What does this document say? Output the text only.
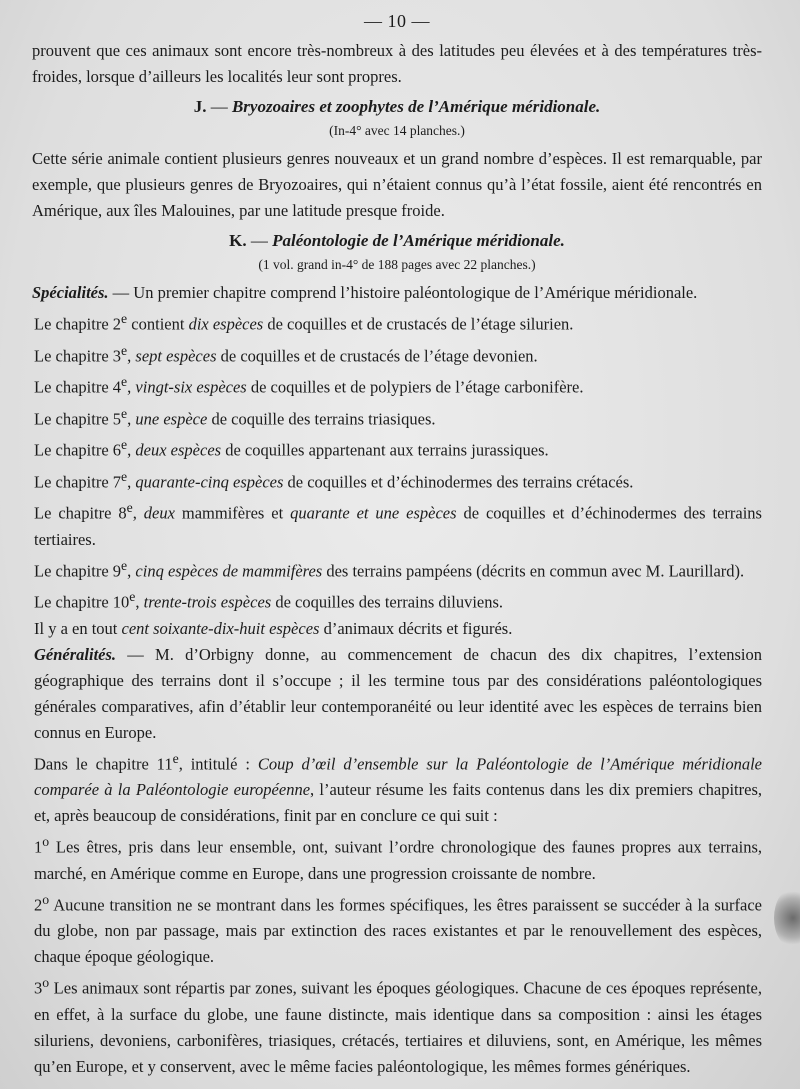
— 10 —

prouvent que ces animaux sont encore très-nombreux à des latitudes peu élevées et à des températures très-froides, lorsque d’ailleurs les localités leur sont propres.

J. — Bryozoaires et zoophytes de l’Amérique méridionale.
(In-4° avec 14 planches.)

Cette série animale contient plusieurs genres nouveaux et un grand nombre d’espèces. Il est remarquable, par exemple, que plusieurs genres de Bryozoaires, qui n’étaient connus qu’à l’état fossile, aient été rencontrés en Amérique, aux îles Malouines, par une latitude presque froide.

K. — Paléontologie de l’Amérique méridionale.
(1 vol. grand in-4° de 188 pages avec 22 planches.)

Spécialités. — Un premier chapitre comprend l’histoire paléontologique de l’Amérique méridionale.

Le chapitre 2e contient dix espèces de coquilles et de crustacés de l’étage silurien.

Le chapitre 3e, sept espèces de coquilles et de crustacés de l’étage devonien.

Le chapitre 4e, vingt-six espèces de coquilles et de polypiers de l’étage carbonifère.

Le chapitre 5e, une espèce de coquille des terrains triasiques.

Le chapitre 6e, deux espèces de coquilles appartenant aux terrains jurassiques.

Le chapitre 7e, quarante-cinq espèces de coquilles et d’échinodermes des terrains crétacés.

Le chapitre 8e, deux mammifères et quarante et une espèces de coquilles et d’échinodermes des terrains tertiaires.

Le chapitre 9e, cinq espèces de mammifères des terrains pampéens (décrits en commun avec M. Laurillard).

Le chapitre 10e, trente-trois espèces de coquilles des terrains diluviens.

Il y a en tout cent soixante-dix-huit espèces d’animaux décrits et figurés.

Généralités. — M. d’Orbigny donne, au commencement de chacun des dix chapitres, l’extension géographique des terrains dont il s’occupe ; il les termine tous par des considérations paléontologiques générales comparatives, afin d’établir leur contemporanéité ou leur identité avec les espèces de terrains bien connus en Europe.

Dans le chapitre 11e, intitulé : Coup d’œil d’ensemble sur la Paléontologie de l’Amérique méridionale comparée à la Paléontologie européenne, l’auteur résume les faits contenus dans les dix premiers chapitres, et, après beaucoup de considérations, finit par en conclure ce qui suit :

1$^o$ Les êtres, pris dans leur ensemble, ont, suivant l’ordre chronologique des faunes propres aux terrains, marché, en Amérique comme en Europe, dans une progression croissante de nombre.

2$^o$ Aucune transition ne se montrant dans les formes spécifiques, les êtres paraissent se succéder à la surface du globe, non par passage, mais par extinction des races existantes et par le renouvellement des espèces, chaque époque géologique.

3$^o$ Les animaux sont répartis par zones, suivant les époques géologiques. Chacune de ces époques représente, en effet, à la surface du globe, une faune distincte, mais identique dans sa composition : ainsi les étages siluriens, devoniens, carbonifères, triasiques, crétacés, tertiaires et diluviens, sont, en Amérique, les mêmes qu’en Europe, et y conservent, avec le même facies paléontologique, les mêmes formes génériques.
